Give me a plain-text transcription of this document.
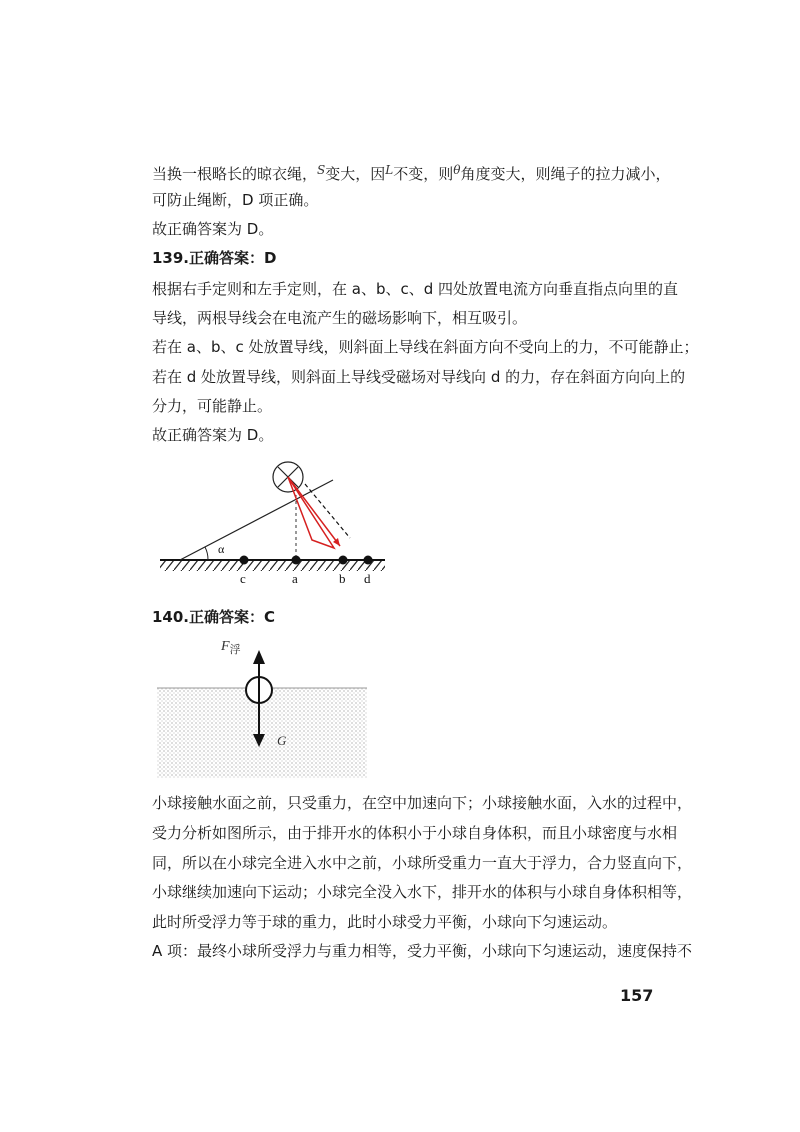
当换一根略长的晾衣绳，$^S$变大，因$^L$不变，则$^\theta$角度变大，则绳子的拉力减小，
可防止绳断，D 项正确。
故正确答案为 D。
139.正确答案：D
根据右手定则和左手定则，在 a、b、c、d 四处放置电流方向垂直指点向里的直
导线，两根导线会在电流产生的磁场影响下，相互吸引。
若在 a、b、c 处放置导线，则斜面上导线在斜面方向不受向上的力，不可能静止；
若在 d 处放置导线，则斜面上导线受磁场对导线向 d 的力，存在斜面方向向上的
分力，可能静止。
故正确答案为 D。
α
c	a	b d
140.正确答案：C
$F_浮$
G
小球接触水面之前，只受重力，在空中加速向下；小球接触水面，入水的过程中，
受力分析如图所示，由于排开水的体积小于小球自身体积，而且小球密度与水相
同，所以在小球完全进入水中之前，小球所受重力一直大于浮力，合力竖直向下，
小球继续加速向下运动；小球完全没入水下，排开水的体积与小球自身体积相等，
此时所受浮力等于球的重力，此时小球受力平衡，小球向下匀速运动。
A 项：最终小球所受浮力与重力相等，受力平衡，小球向下匀速运动，速度保持不
157
